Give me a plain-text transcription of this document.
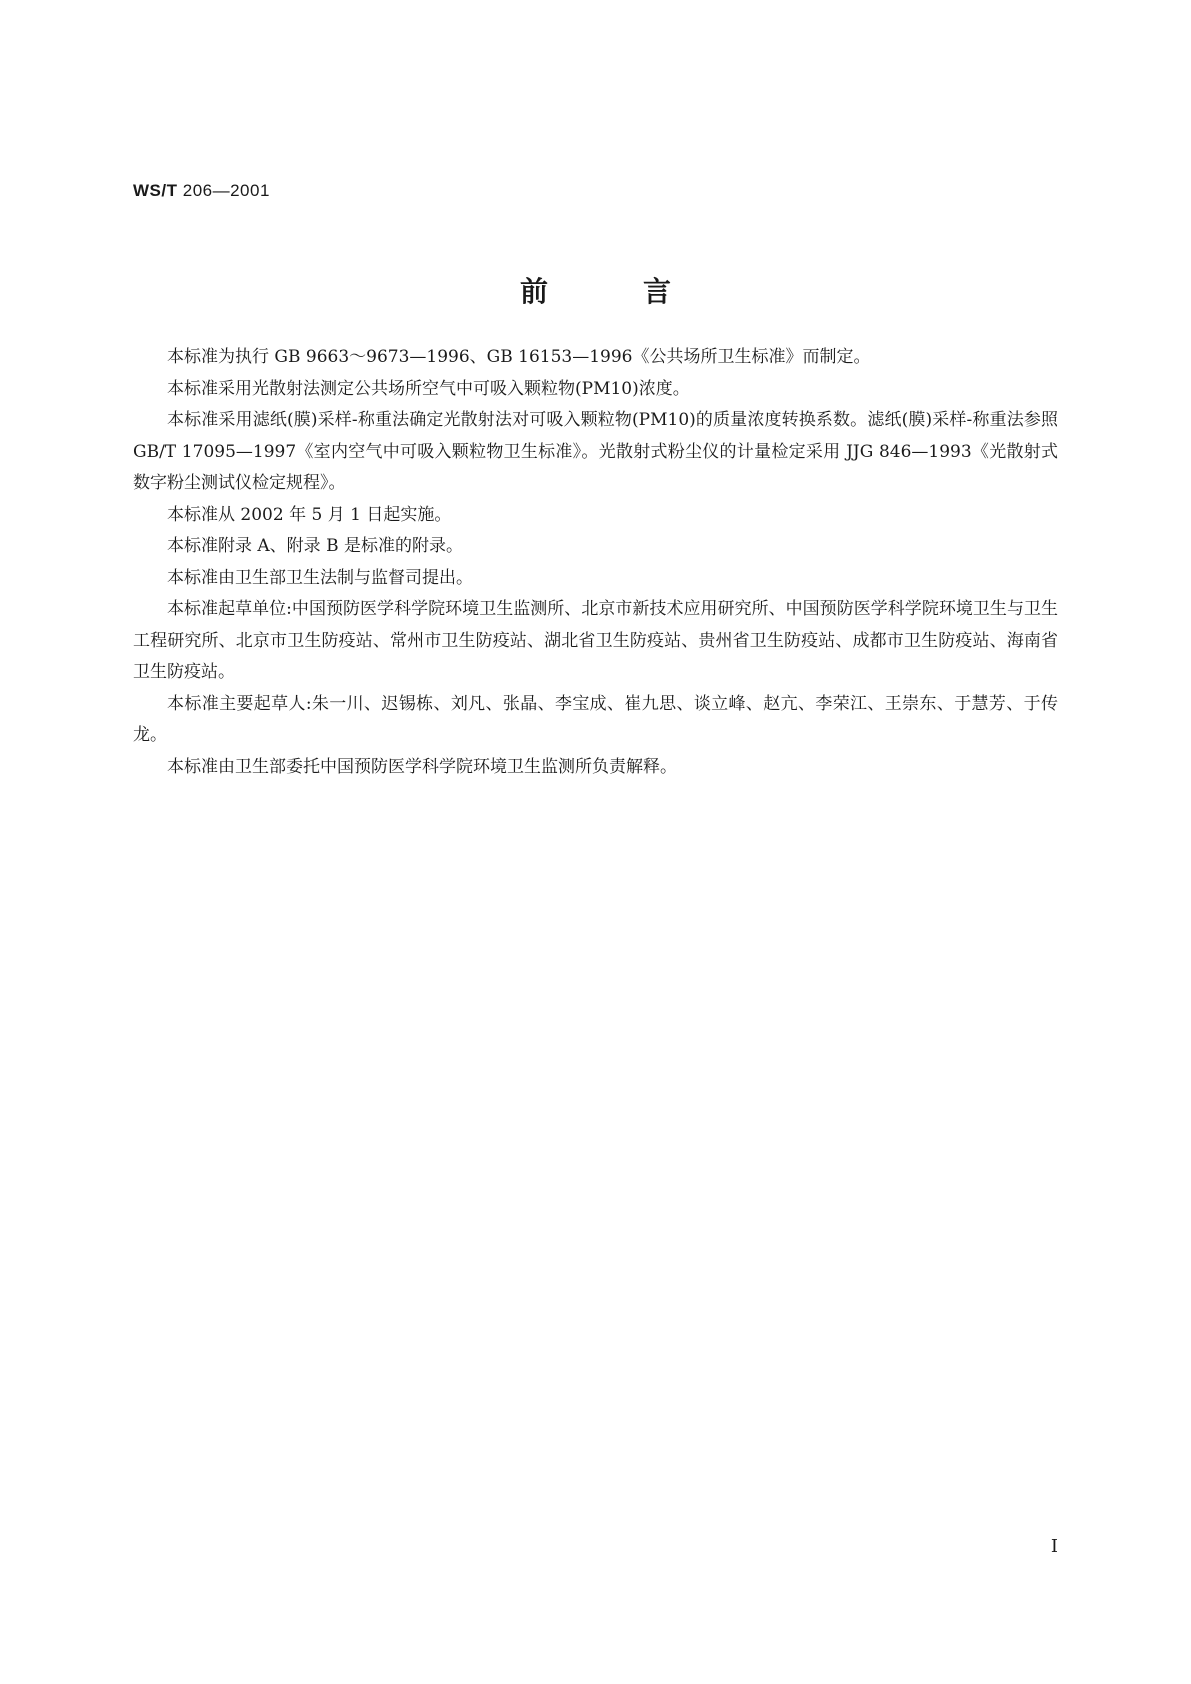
WS/T 206—2001
前	言

本标准为执行 GB 9663～9673—1996、GB 16153—1996《公共场所卫生标准》而制定。

本标准采用光散射法测定公共场所空气中可吸入颗粒物(PM10)浓度。

本标准采用滤纸(膜)采样-称重法确定光散射法对可吸入颗粒物(PM10)的质量浓度转换系数。滤纸(膜)采样-称重法参照 GB/T 17095—1997《室内空气中可吸入颗粒物卫生标准》。光散射式粉尘仪的计量检定采用 JJG 846—1993《光散射式数字粉尘测试仪检定规程》。

本标准从 2002 年 5 月 1 日起实施。

本标准附录 A、附录 B 是标准的附录。

本标准由卫生部卫生法制与监督司提出。

本标准起草单位:中国预防医学科学院环境卫生监测所、北京市新技术应用研究所、中国预防医学科学院环境卫生与卫生工程研究所、北京市卫生防疫站、常州市卫生防疫站、湖北省卫生防疫站、贵州省卫生防疫站、成都市卫生防疫站、海南省卫生防疫站。

本标准主要起草人:朱一川、迟锡栋、刘凡、张晶、李宝成、崔九思、谈立峰、赵亢、李荣江、王崇东、于慧芳、于传龙。

本标准由卫生部委托中国预防医学科学院环境卫生监测所负责解释。

I
